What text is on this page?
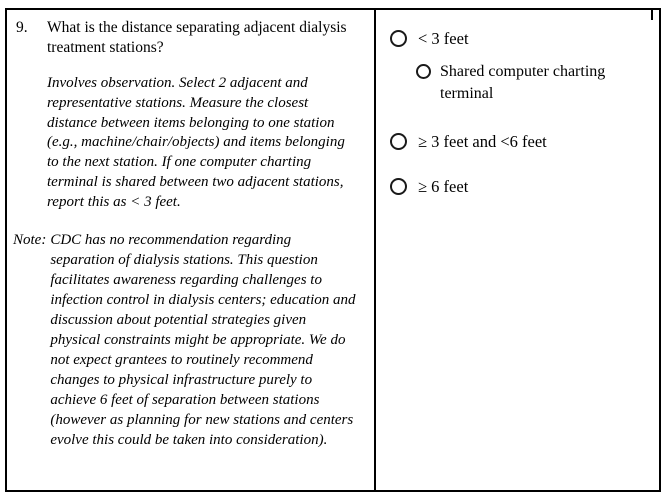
9.	What is the distance separating adjacent dialysis treatment stations?
Involves observation. Select 2 adjacent and representative stations. Measure the closest distance between items belonging to one station (e.g., machine/chair/objects) and items belonging to the next station. If one computer charting terminal is shared between two adjacent stations, report this as < 3 feet.
Note: CDC has no recommendation regarding separation of dialysis stations. This question facilitates awareness regarding challenges to infection control in dialysis centers; education and discussion about potential strategies given physical constraints might be appropriate. We do not expect grantees to routinely recommend changes to physical infrastructure purely to achieve 6 feet of separation between stations (however as planning for new stations and centers evolve this could be taken into consideration).
< 3 feet
Shared computer charting terminal
≥ 3 feet and <6 feet
≥ 6 feet
